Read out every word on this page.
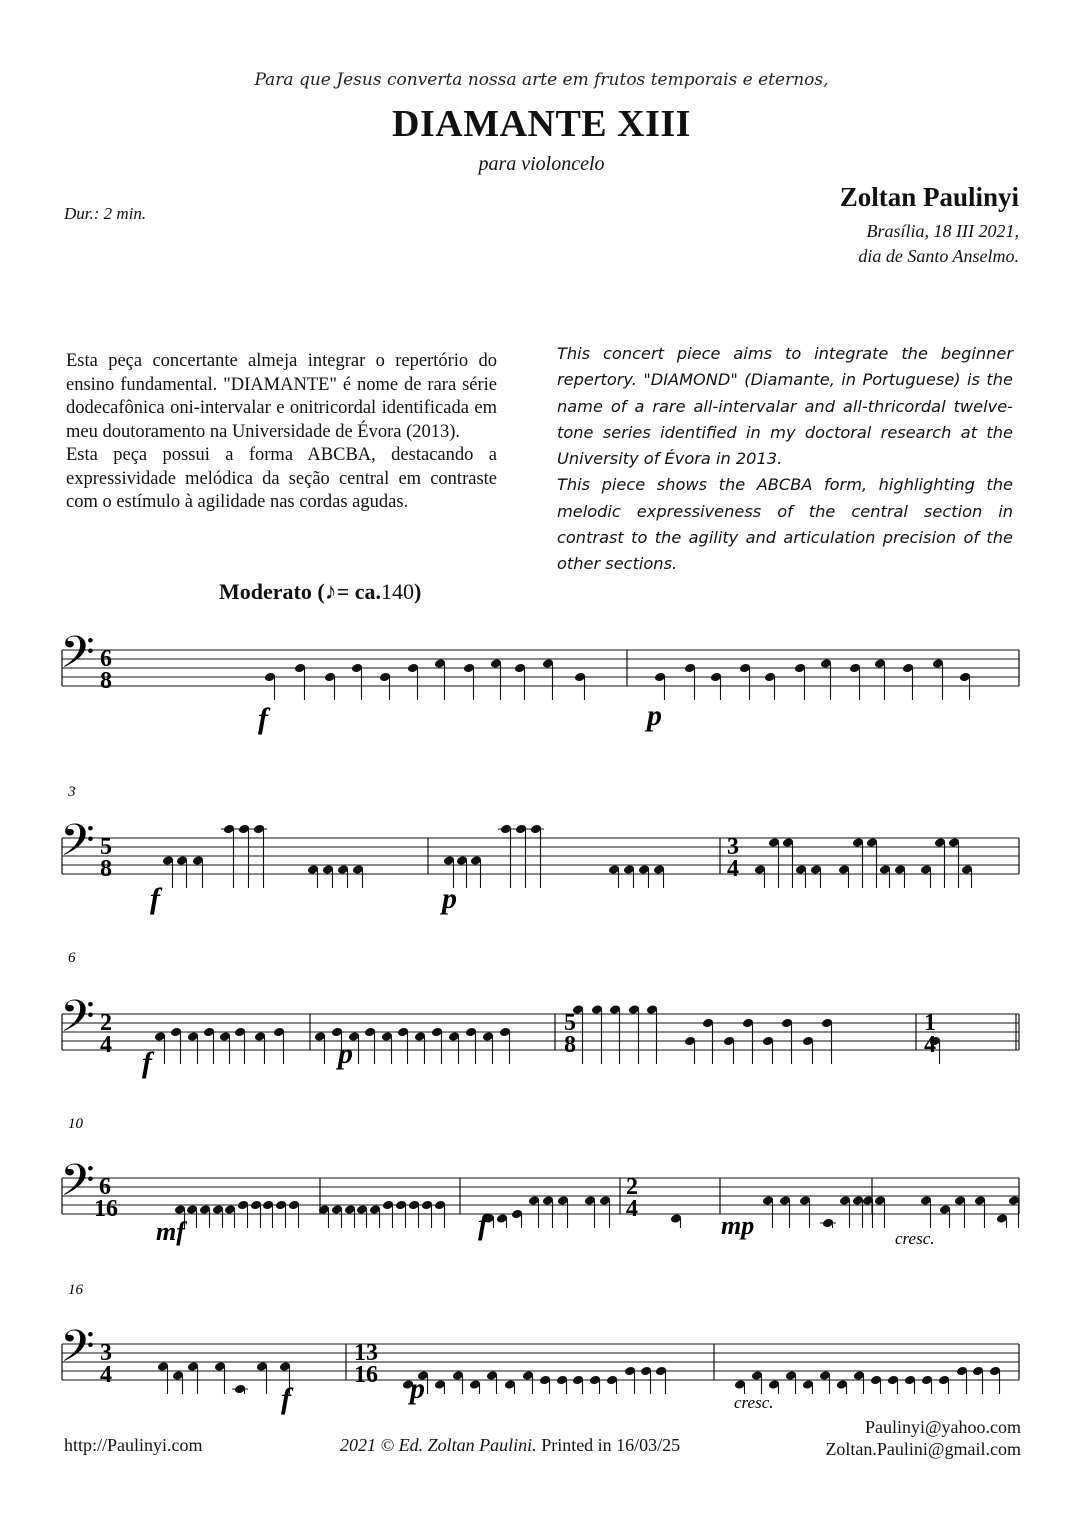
Para que Jesus converta nossa arte em frutos temporais e eternos,
DIAMANTE XIII
para violoncelo
Dur.: 2 min.
Zoltan Paulinyi
Brasília, 18 III 2021,
dia de Santo Anselmo.

Esta peça concertante almeja integrar o repertório do ensino fundamental. "DIAMANTE" é nome de rara série dodecafônica oni-intervalar e onitricordal identificada em meu doutoramento na Universidade de Évora (2013).

Esta peça possui a forma ABCBA, destacando a expressividade melódica da seção central em contraste com o estímulo à agilidade nas cordas agudas.

This concert piece aims to integrate the beginner repertory. "DIAMOND" (Diamante, in Portuguese) is the name of a rare all-intervalar and all-thricordal twelve-tone series identified in my doctoral research at the University of Évora in 2013.

This piece shows the ABCBA form, highlighting the melodic expressiveness of the central section in contrast to the agility and articulation precision of the other sections.

Moderato (♪= ca.140)
𝄢 6
8
f	p
3
𝄢 5
8
3
4
f	p
6
𝄢 2
4
5
8
1
4
f	p
10
𝄢 6
16
2
4
mf	f	mp	cresc.
16
𝄢 3
4
13
16
f	p	cresc.
http://Paulinyi.com	2021 © Ed. Zoltan Paulini. Printed in 16/03/25
Paulinyi@yahoo.com
Zoltan.Paulini@gmail.com
